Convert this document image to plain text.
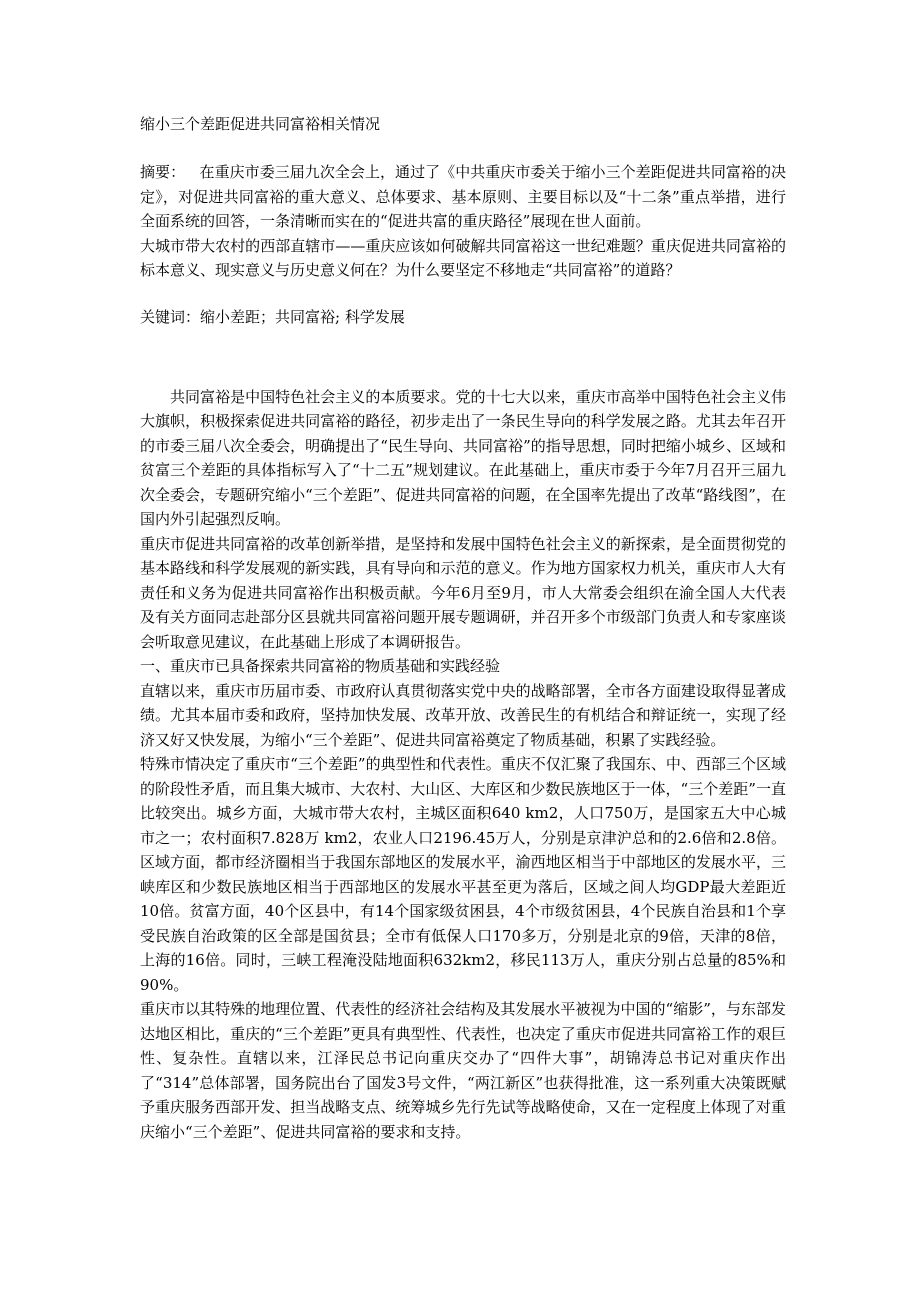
缩小三个差距促进共同富裕相关情况

摘要： 在重庆市委三届九次全会上，通过了《中共重庆市委关于缩小三个差距促进共同富裕的决定》，对促进共同富裕的重大意义、总体要求、基本原则、主要目标以及“十二条”重点举措，进行全面系统的回答，一条清晰而实在的“促进共富的重庆路径”展现在世人面前。

大城市带大农村的西部直辖市——重庆应该如何破解共同富裕这一世纪难题？重庆促进共同富裕的标本意义、现实意义与历史意义何在？为什么要坚定不移地走“共同富裕”的道路？

关键词：缩小差距；共同富裕; 科学发展

共同富裕是中国特色社会主义的本质要求。党的十七大以来，重庆市高举中国特色社会主义伟大旗帜，积极探索促进共同富裕的路径，初步走出了一条民生导向的科学发展之路。尤其去年召开的市委三届八次全委会，明确提出了“民生导向、共同富裕”的指导思想，同时把缩小城乡、区域和贫富三个差距的具体指标写入了“十二五”规划建议。在此基础上，重庆市委于今年7月召开三届九次全委会，专题研究缩小“三个差距”、促进共同富裕的问题，在全国率先提出了改革“路线图”，在国内外引起强烈反响。

重庆市促进共同富裕的改革创新举措，是坚持和发展中国特色社会主义的新探索，是全面贯彻党的基本路线和科学发展观的新实践，具有导向和示范的意义。作为地方国家权力机关，重庆市人大有责任和义务为促进共同富裕作出积极贡献。今年6月至9月，市人大常委会组织在渝全国人大代表及有关方面同志赴部分区县就共同富裕问题开展专题调研，并召开多个市级部门负责人和专家座谈会听取意见建议，在此基础上形成了本调研报告。

一、重庆市已具备探索共同富裕的物质基础和实践经验

直辖以来，重庆市历届市委、市政府认真贯彻落实党中央的战略部署，全市各方面建设取得显著成绩。尤其本届市委和政府，坚持加快发展、改革开放、改善民生的有机结合和辩证统一，实现了经济又好又快发展，为缩小“三个差距”、促进共同富裕奠定了物质基础，积累了实践经验。

特殊市情决定了重庆市“三个差距”的典型性和代表性。重庆不仅汇聚了我国东、中、西部三个区域的阶段性矛盾，而且集大城市、大农村、大山区、大库区和少数民族地区于一体，“三个差距”一直比较突出。城乡方面，大城市带大农村，主城区面积640 km2，人口750万，是国家五大中心城市之一；农村面积7.828万 km2，农业人口2196.45万人，分别是京津沪总和的2.6倍和2.8倍。区域方面，都市经济圈相当于我国东部地区的发展水平，渝西地区相当于中部地区的发展水平，三峡库区和少数民族地区相当于西部地区的发展水平甚至更为落后，区域之间人均GDP最大差距近10倍。贫富方面，40个区县中，有14个国家级贫困县，4个市级贫困县，4个民族自治县和1个享受民族自治政策的区全部是国贫县；全市有低保人口170多万，分别是北京的9倍，天津的8倍，上海的16倍。同时，三峡工程淹没陆地面积632km2，移民113万人，重庆分别占总量的85%和90%。

重庆市以其特殊的地理位置、代表性的经济社会结构及其发展水平被视为中国的“缩影”，与东部发达地区相比，重庆的“三个差距”更具有典型性、代表性，也决定了重庆市促进共同富裕工作的艰巨性、复杂性。直辖以来，江泽民总书记向重庆交办了“四件大事”，胡锦涛总书记对重庆作出了“314”总体部署，国务院出台了国发3号文件，“两江新区”也获得批准，这一系列重大决策既赋予重庆服务西部开发、担当战略支点、统筹城乡先行先试等战略使命，又在一定程度上体现了对重庆缩小“三个差距”、促进共同富裕的要求和支持。
